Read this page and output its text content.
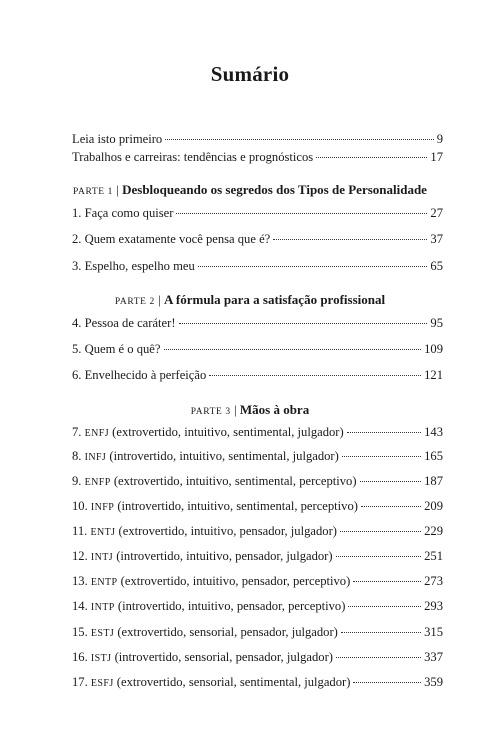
Sumário
Leia isto primeiro	9
Trabalhos e carreiras: tendências e prognósticos	17
PARTE 1 | Desbloqueando os segredos dos Tipos de Personalidade
1. Faça como quiser	27
2. Quem exatamente você pensa que é?	37
3. Espelho, espelho meu	65
PARTE 2 | A fórmula para a satisfação profissional
4. Pessoa de caráter!	95
5. Quem é o quê?	109
6. Envelhecido à perfeição	121
PARTE 3 | Mãos à obra
7. ENFJ (extrovertido, intuitivo, sentimental, julgador)	143
8. INFJ (introvertido, intuitivo, sentimental, julgador)	165
9. ENFP (extrovertido, intuitivo, sentimental, perceptivo)	187
10. INFP (introvertido, intuitivo, sentimental, perceptivo)	209
11. ENTJ (extrovertido, intuitivo, pensador, julgador)	229
12. INTJ (introvertido, intuitivo, pensador, julgador)	251
13. ENTP (extrovertido, intuitivo, pensador, perceptivo)	273
14. INTP (introvertido, intuitivo, pensador, perceptivo)	293
15. ESTJ (extrovertido, sensorial, pensador, julgador)	315
16. ISTJ (introvertido, sensorial, pensador, julgador)	337
17. ESFJ (extrovertido, sensorial, sentimental, julgador)	359
